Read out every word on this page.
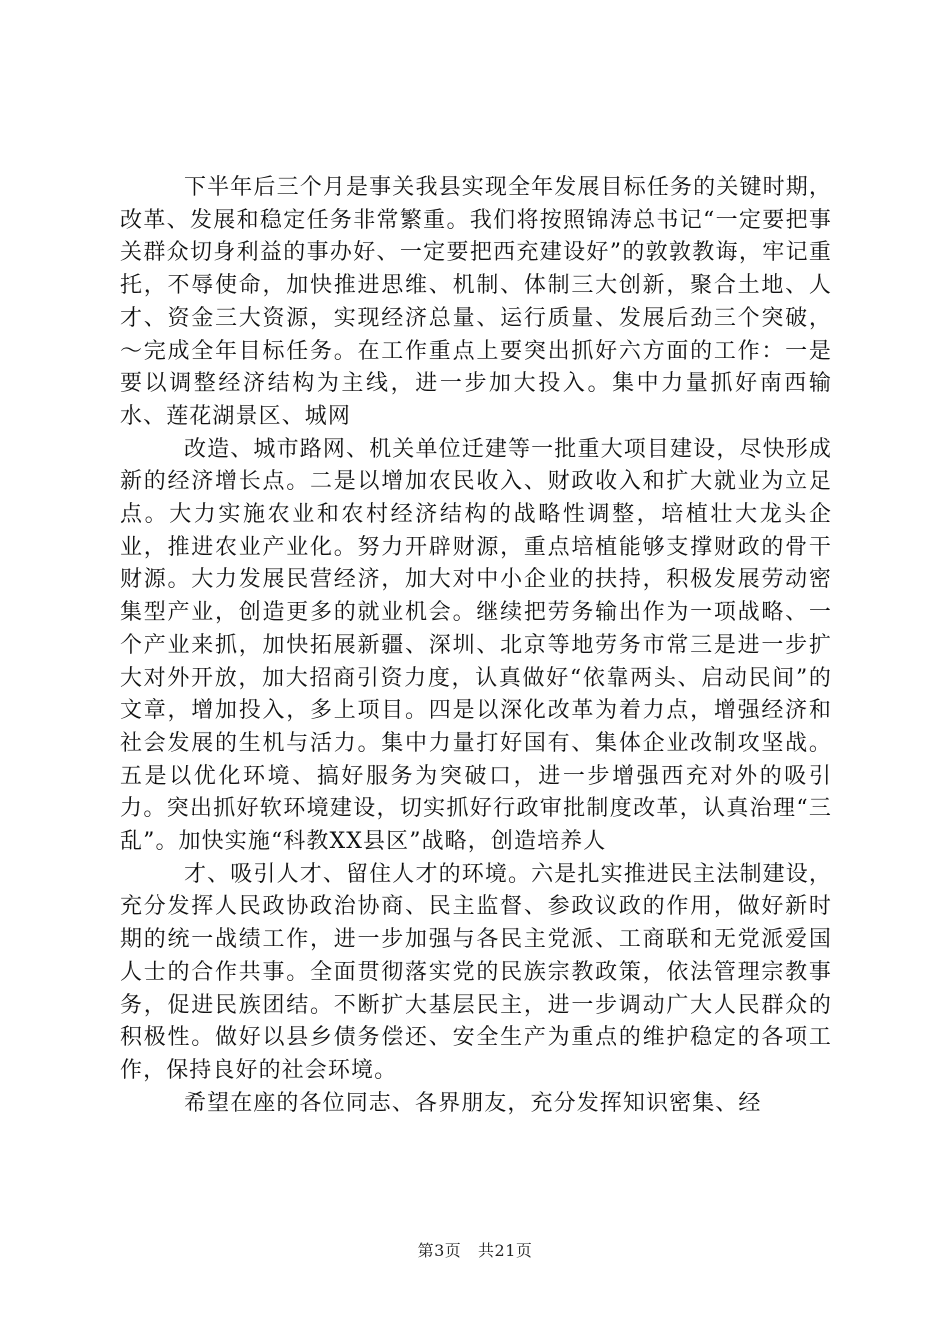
下半年后三个月是事关我县实现全年发展目标任务的关键时期，改革、发展和稳定任务非常繁重。我们将按照锦涛总书记“一定要把事关群众切身利益的事办好、一定要把西充建设好”的敦敦教诲，牢记重托，不辱使命，加快推进思维、机制、体制三大创新，聚合土地、人才、资金三大资源，实现经济总量、运行质量、发展后劲三个突破，～完成全年目标任务。在工作重点上要突出抓好六方面的工作：一是要以调整经济结构为主线，进一步加大投入。集中力量抓好南西输水、莲花湖景区、城网

改造、城市路网、机关单位迁建等一批重大项目建设，尽快形成新的经济增长点。二是以增加农民收入、财政收入和扩大就业为立足点。大力实施农业和农村经济结构的战略性调整，培植壮大龙头企业，推进农业产业化。努力开辟财源，重点培植能够支撑财政的骨干财源。大力发展民营经济，加大对中小企业的扶持，积极发展劳动密集型产业，创造更多的就业机会。继续把劳务输出作为一项战略、一个产业来抓，加快拓展新疆、深圳、北京等地劳务市常三是进一步扩大对外开放，加大招商引资力度，认真做好“依靠两头、启动民间”的文章，增加投入，多上项目。四是以深化改革为着力点，增强经济和社会发展的生机与活力。集中力量打好国有、集体企业改制攻坚战。五是以优化环境、搞好服务为突破口，进一步增强西充对外的吸引力。突出抓好软环境建设，切实抓好行政审批制度改革，认真治理“三乱”。加快实施“科教XX县区”战略，创造培养人

才、吸引人才、留住人才的环境。六是扎实推进民主法制建设，充分发挥人民政协政治协商、民主监督、参政议政的作用，做好新时期的统一战绩工作，进一步加强与各民主党派、工商联和无党派爱国人士的合作共事。全面贯彻落实党的民族宗教政策，依法管理宗教事务，促进民族团结。不断扩大基层民主，进一步调动广大人民群众的积极性。做好以县乡债务偿还、安全生产为重点的维护稳定的各项工作，保持良好的社会环境。

希望在座的各位同志、各界朋友，充分发挥知识密集、经

第3页 共21页
